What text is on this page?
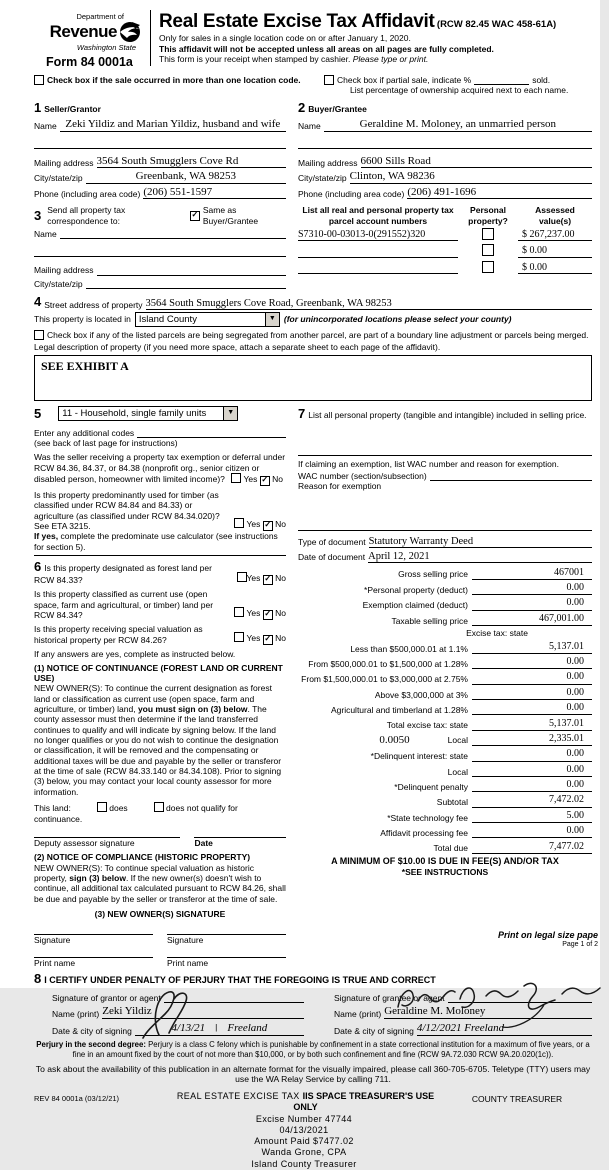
Department of
Revenue
Washington State
Form 84 0001a
Real Estate Excise Tax Affidavit (RCW 82.45 WAC 458-61A)
Only for sales in a single location code on or after January 1, 2020.
This affidavit will not be accepted unless all areas on all pages are fully completed.
This form is your receipt when stamped by cashier. Please type or print.
Check box if the sale occurred in more than one location code.	Check box if partial sale, indicate %	sold.
List percentage of ownership acquired next to each name.
1 Seller/Grantor
Name Zeki Yildiz and Marian Yildiz, husband and wife
Mailing address 3564 South Smugglers Cove Rd
City/state/zip	Greenbank, WA 98253
Phone (including area code) (206) 551-1597
2 Buyer/Grantee
Name	Geraldine M. Moloney, an unmarried person
Mailing address 6600 Sills Road
City/state/zip Clinton, WA 98236
Phone (including area code) (206) 491-1696
3 Send all property tax correspondence to:
✓
Same as Buyer/Grantee
Name
Mailing address
City/state/zip
List all real and personal property tax parcel account numbers
Personal property?
Assessed value(s)
S7310-00-03013-0(291552)320	$ 267,237.00
$ 0.00
$ 0.00
4 Street address of property 3564 South Smugglers Cove Road, Greenbank, WA 98253
This property is located in Island County	▼ (for unincorporated locations please select your county)
Check box if any of the listed parcels are being segregated from another parcel, are part of a boundary line adjustment or parcels being merged.
Legal description of property (if you need more space, attach a separate sheet to each page of the affidavit).
SEE EXHIBIT A
5	11 - Household, single family units	▼
Enter any additional codes
(see back of last page for instructions)
Was the seller receiving a property tax exemption or deferral under RCW 84.36, 84.37, or 84.38 (nonprofit org., senior citizen or disabled person, homeowner with limited income)? Yes ✓ No
Is this property predominantly used for timber (as classified under RCW 84.84 and 84.33) or agriculture (as classified under RCW 84.34.020)? See ETA 3215.	Yes ✓ No
If yes, complete the predominate use calculator (see instructions for section 5).
6 Is this property designated as forest land per RCW 84.33?	Yes ✓ No
Is this property classified as current use (open space, farm and agricultural, or timber) land per RCW 84.34?	Yes ✓ No
Is this property receiving special valuation as historical property per RCW 84.26?	Yes ✓ No
If any answers are yes, complete as instructed below.
(1) NOTICE OF CONTINUANCE (FOREST LAND OR CURRENT USE)
NEW OWNER(S): To continue the current designation as forest land or classification as current use (open space, farm and agriculture, or timber) land, you must sign on (3) below. The county assessor must then determine if the land transferred continues to qualify and will indicate by signing below. If the land no longer qualifies or you do not wish to continue the designation or classification, it will be removed and the compensating or additional taxes will be due and payable by the seller or transferor at the time of sale (RCW 84.33.140 or 84.34.108). Prior to signing (3) below, you may contact your local county assessor for more information.
This land:	does	does not qualify for
continuance.
Deputy assessor signature	Date
(2) NOTICE OF COMPLIANCE (HISTORIC PROPERTY)
NEW OWNER(S): To continue special valuation as historic property, sign (3) below. If the new owner(s) doesn't wish to continue, all additional tax calculated pursuant to RCW 84.26, shall be due and payable by the seller or transferor at the time of sale.
(3) NEW OWNER(S) SIGNATURE
Signature	Signature
Print name	Print name
7 List all personal property (tangible and intangible) included in selling price.
If claiming an exemption, list WAC number and reason for exemption.
WAC number (section/subsection)
Reason for exemption
Type of document Statutory Warranty Deed
Date of document April 12, 2021
Gross selling price	467001
*Personal property (deduct)	0.00
Exemption claimed (deduct)	0.00
Taxable selling price	467,001.00
Excise tax: state
Less than $500,000.01 at 1.1%	5,137.01
From $500,000.01 to $1,500,000 at 1.28%	0.00
From $1,500,000.01 to $3,000,000 at 2.75%	0.00
Above $3,000,000 at 3%	0.00
Agricultural and timberland at 1.28%	0.00
Total excise tax: state	5,137.01
0.0050	Local	2,335.01
*Delinquent interest: state	0.00
Local	0.00
*Delinquent penalty	0.00
Subtotal	7,472.02
*State technology fee	5.00
Affidavit processing fee	0.00
Total due	7,477.02
A MINIMUM OF $10.00 IS DUE IN FEE(S) AND/OR TAX
*SEE INSTRUCTIONS
8 I CERTIFY UNDER PENALTY OF PERJURY THAT THE FOREGOING IS TRUE AND CORRECT
Signature of grantor or agent
Name (print) Zeki Yildiz
Date & city of signing	4/13/21 | Freeland
Signature of grantee or agent
Name (print) Geraldine M. Moloney
Date & city of signing 4/12/2021 Freeland
Perjury in the second degree: Perjury is a class C felony which is punishable by confinement in a state correctional institution for a maximum of five years, or a fine in an amount fixed by the court of not more than $10,000, or by both such confinement and fine (RCW 9A.72.030 RCW 9A.20.020(1c)).
To ask about the availability of this publication in an alternate format for the visually impaired, please call 360-705-6705. Teletype (TTY) users may use the WA Relay Service by calling 711.
REV 84 0001a (03/12/21)	REAL ESTATE EXCISE TAX IIS SPACE TREASURER'S USE ONLY
Excise Number 47744
04/13/2021
Amount Paid $7477.02
Wanda Grone, CPA
Island County Treasurer
COUNTY TREASURER
Print on legal size pape
Page 1 of 2
